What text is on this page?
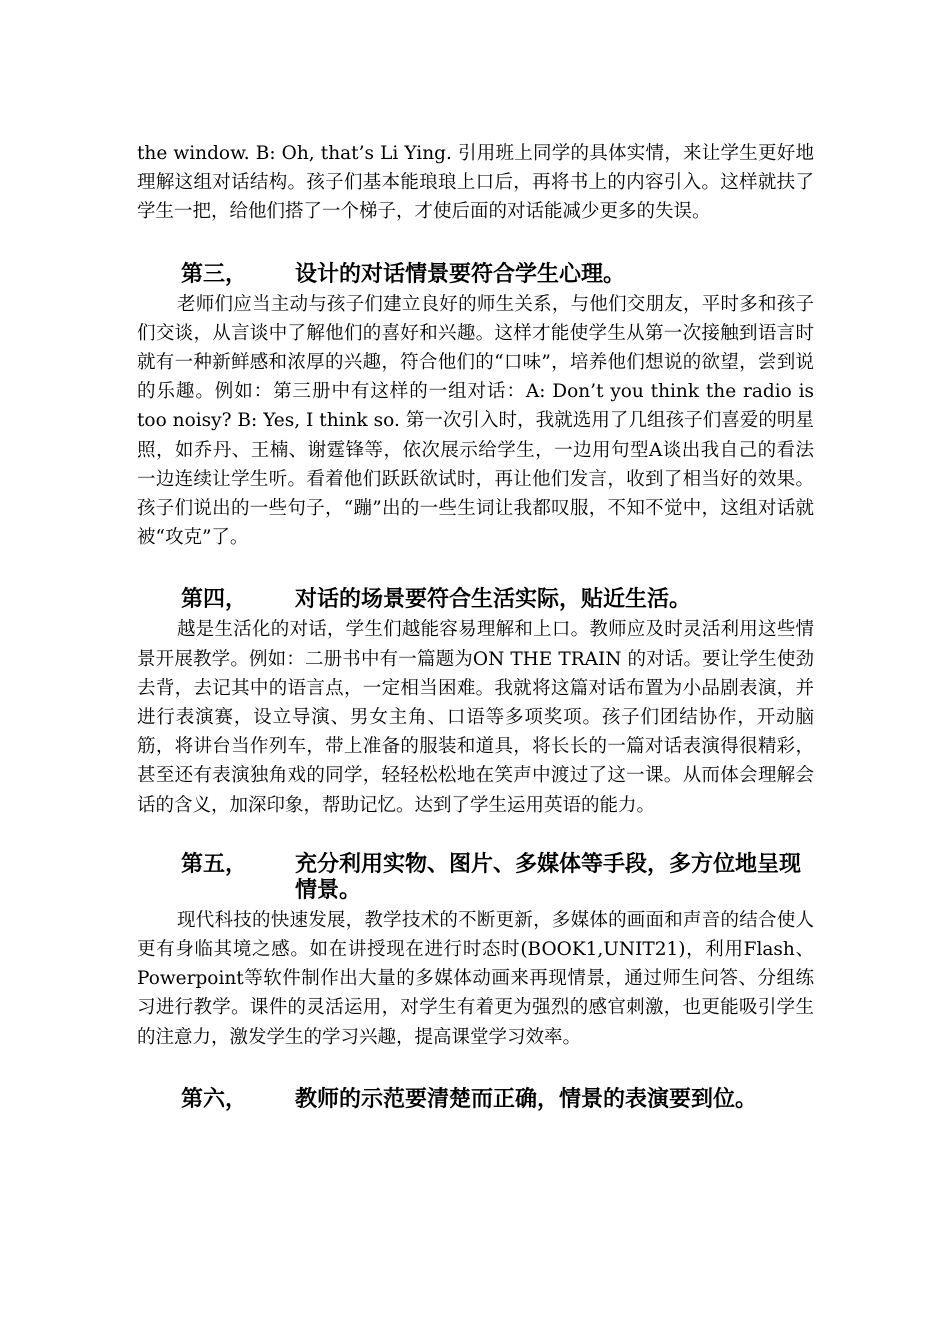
the window. B: Oh, that’s Li Ying. 引用班上同学的具体实情，来让学生更好地理解这组对话结构。孩子们基本能琅琅上口后，再将书上的内容引入。这样就扶了学生一把，给他们搭了一个梯子，才使后面的对话能减少更多的失误。

第三，	设计的对话情景要符合学生心理。

老师们应当主动与孩子们建立良好的师生关系，与他们交朋友，平时多和孩子们交谈，从言谈中了解他们的喜好和兴趣。这样才能使学生从第一次接触到语言时就有一种新鲜感和浓厚的兴趣，符合他们的“口味”，培养他们想说的欲望，尝到说的乐趣。例如：第三册中有这样的一组对话：A: Don’t you think the radio is too noisy? B: Yes, I think so. 第一次引入时，我就选用了几组孩子们喜爱的明星照，如乔丹、王楠、谢霆锋等，依次展示给学生，一边用句型A谈出我自己的看法一边连续让学生听。看着他们跃跃欲试时，再让他们发言，收到了相当好的效果。孩子们说出的一些句子，“蹦”出的一些生词让我都叹服，不知不觉中，这组对话就被“攻克”了。

第四，	对话的场景要符合生活实际，贴近生活。

越是生活化的对话，学生们越能容易理解和上口。教师应及时灵活利用这些情景开展教学。例如：二册书中有一篇题为ON THE TRAIN 的对话。要让学生使劲去背，去记其中的语言点，一定相当困难。我就将这篇对话布置为小品剧表演，并进行表演赛，设立导演、男女主角、口语等多项奖项。孩子们团结协作，开动脑筋，将讲台当作列车，带上准备的服装和道具，将长长的一篇对话表演得很精彩，甚至还有表演独角戏的同学，轻轻松松地在笑声中渡过了这一课。从而体会理解会话的含义，加深印象，帮助记忆。达到了学生运用英语的能力。

第五，	充分利用实物、图片、多媒体等手段，多方位地呈现情景。

现代科技的快速发展，教学技术的不断更新，多媒体的画面和声音的结合使人更有身临其境之感。如在讲授现在进行时态时(BOOK1,UNIT21)，利用Flash、Powerpoint等软件制作出大量的多媒体动画来再现情景，通过师生问答、分组练习进行教学。课件的灵活运用，对学生有着更为强烈的感官刺激，也更能吸引学生的注意力，激发学生的学习兴趣，提高课堂学习效率。

第六，	教师的示范要清楚而正确，情景的表演要到位。
